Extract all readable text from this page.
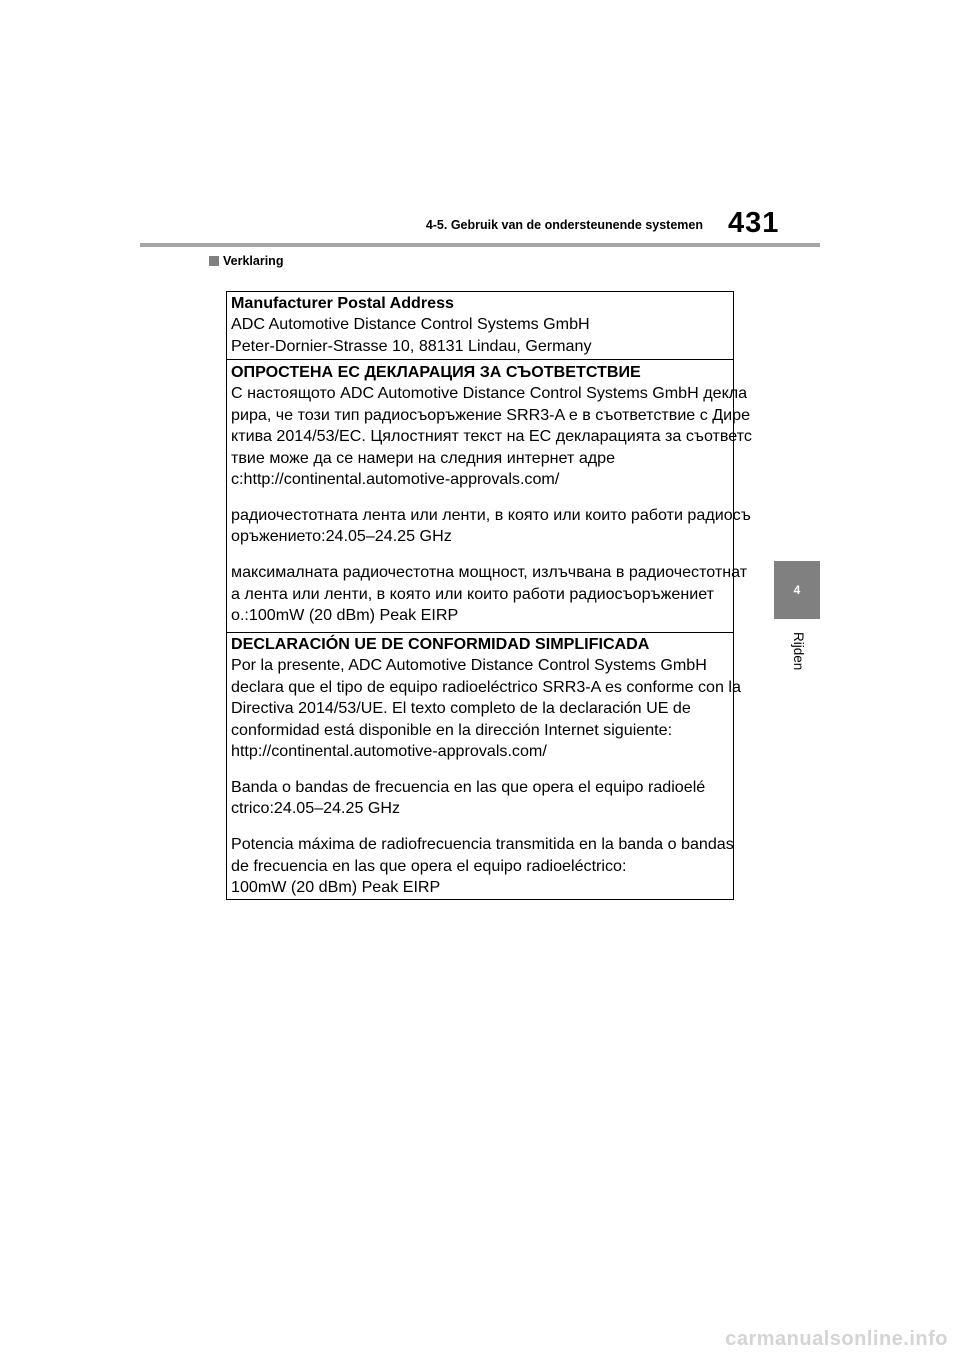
4-5. Gebruik van de ondersteunende systemen 431
Verklaring
Manufacturer Postal Address
ADC Automotive Distance Control Systems GmbH
Peter-Dornier-Strasse 10, 88131 Lindau, Germany
ОПРОСТЕНА ЕС ДЕКЛАРАЦИЯ ЗА СЪОТВЕТСТВИЕ
С настоящото ADC Automotive Distance Control Systems GmbH декла
рира, че този тип радиосъоръжение SRR3-A е в съответствие с Дире
ктива 2014/53/ЕС. Цялостният текст на ЕС декларацията за съответс
твие може да се намери на следния интернет адре
с:http://continental.automotive-approvals.com/
радиочестотната лента или ленти, в която или които работи радиосъ
оръжението:24.05–24.25 GHz
максималната радиочестотна мощност, излъчвана в радиочестотнат
а лента или ленти, в която или които работи радиосъоръжениет
о.:100mW (20 dBm) Peak EIRP
DECLARACIÓN UE DE CONFORMIDAD SIMPLIFICADA
Por la presente, ADC Automotive Distance Control Systems GmbH
declara que el tipo de equipo radioeléctrico SRR3-A es conforme con la
Directiva 2014/53/UE. El texto completo de la declaración UE de
conformidad está disponible en la dirección Internet siguiente:
http://continental.automotive-approvals.com/
Banda o bandas de frecuencia en las que opera el equipo radioelé
ctrico:24.05–24.25 GHz
Potencia máxima de radiofrecuencia transmitida en la banda o bandas
de frecuencia en las que opera el equipo radioeléctrico:
100mW (20 dBm) Peak EIRP
4
Rijden
carmanualsonline.info
